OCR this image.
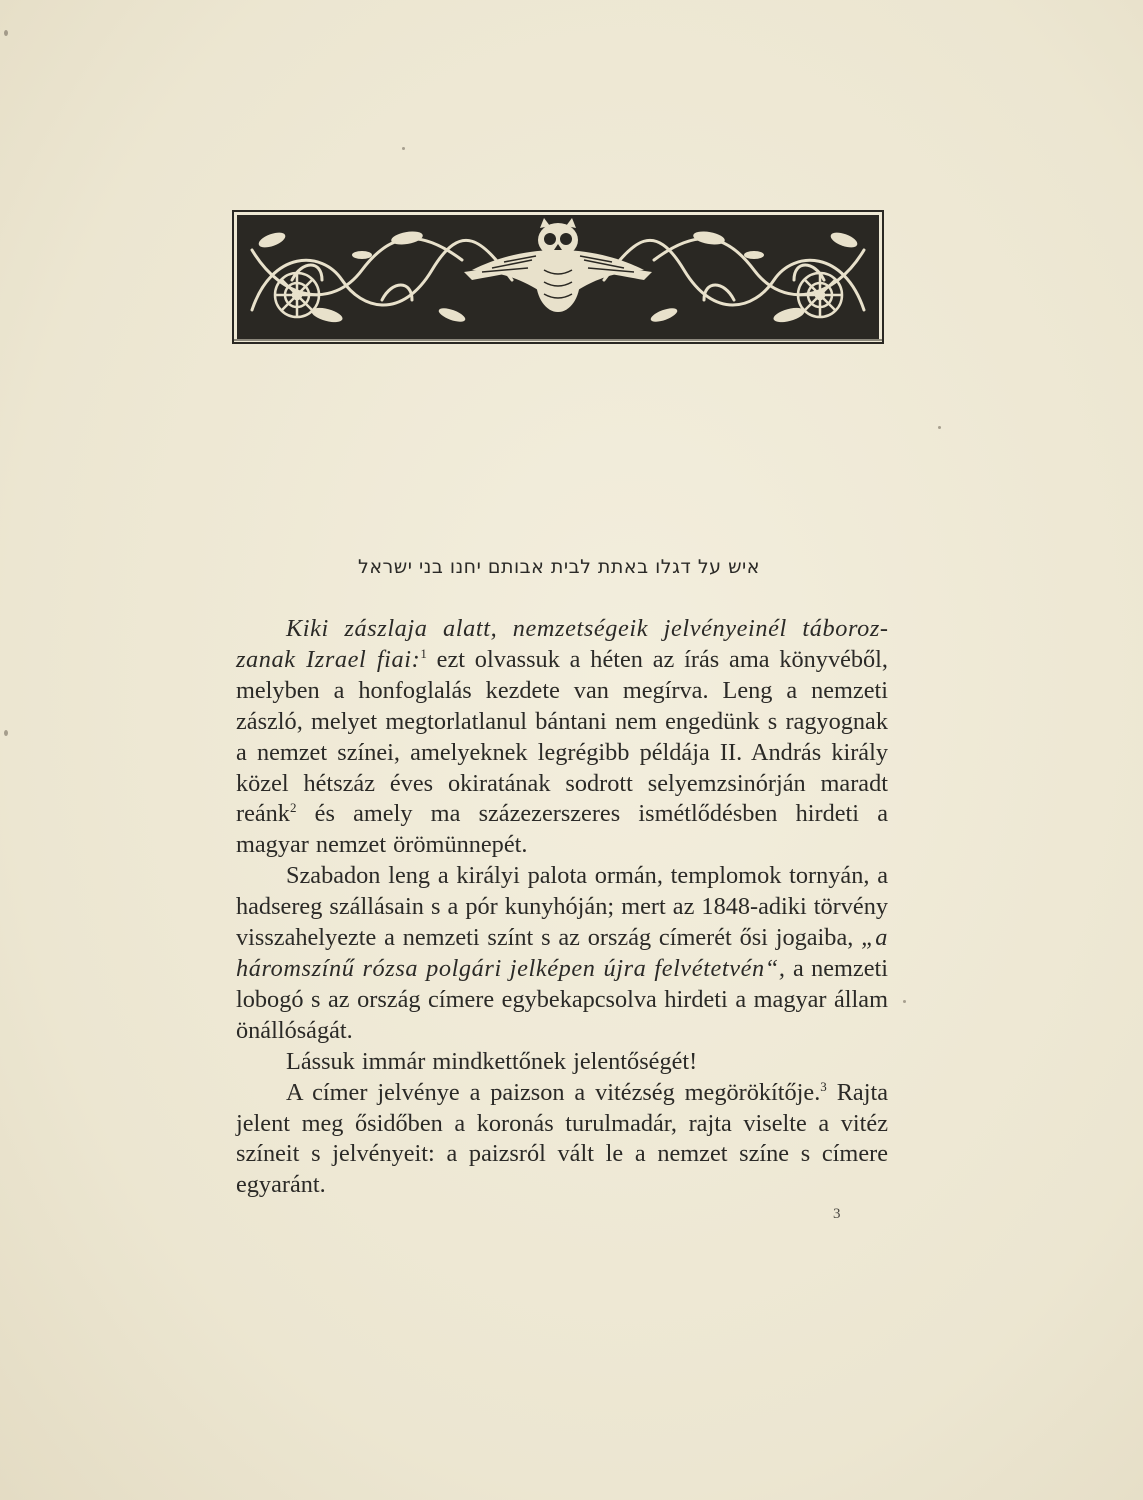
איש על דגלו באתת לבית אבותם יחנו בני ישראל

Kiki zászlaja alatt, nemzetségeik jelvényeinél táborozzanak Izrael fiai:$^1$ ezt olvassuk a héten az írás ama könyvéből, melyben a honfoglalás kezdete van megírva. Leng a nemzeti zászló, melyet megtorlatlanul bántani nem engedünk s ragyognak a nemzet színei, amelyeknek legrégibb példája II. András király közel hétszáz éves okiratának sodrott selyemzsinórján maradt reánk$^2$ és amely ma százezerszeres ismétlődésben hirdeti a magyar nemzet örömünnepét.

Szabadon leng a királyi palota ormán, templomok tornyán, a hadsereg szállásain s a pór kunyhóján; mert az 1848-adiki törvény visszahelyezte a nemzeti színt s az ország címerét ősi jogaiba, „a háromszínű rózsa polgári jelképen újra felvétetvén“, a nemzeti lobogó s az ország címere egybekapcsolva hirdeti a magyar állam önállóságát.

Lássuk immár mindkettőnek jelentőségét!

A címer jelvénye a paizson a vitézség megörökítője.$^3$ Rajta jelent meg ősidőben a koronás turulmadár, rajta viselte a vitéz színeit s jelvényeit: a paizsról vált le a nemzet színe s címere egyaránt.

3
